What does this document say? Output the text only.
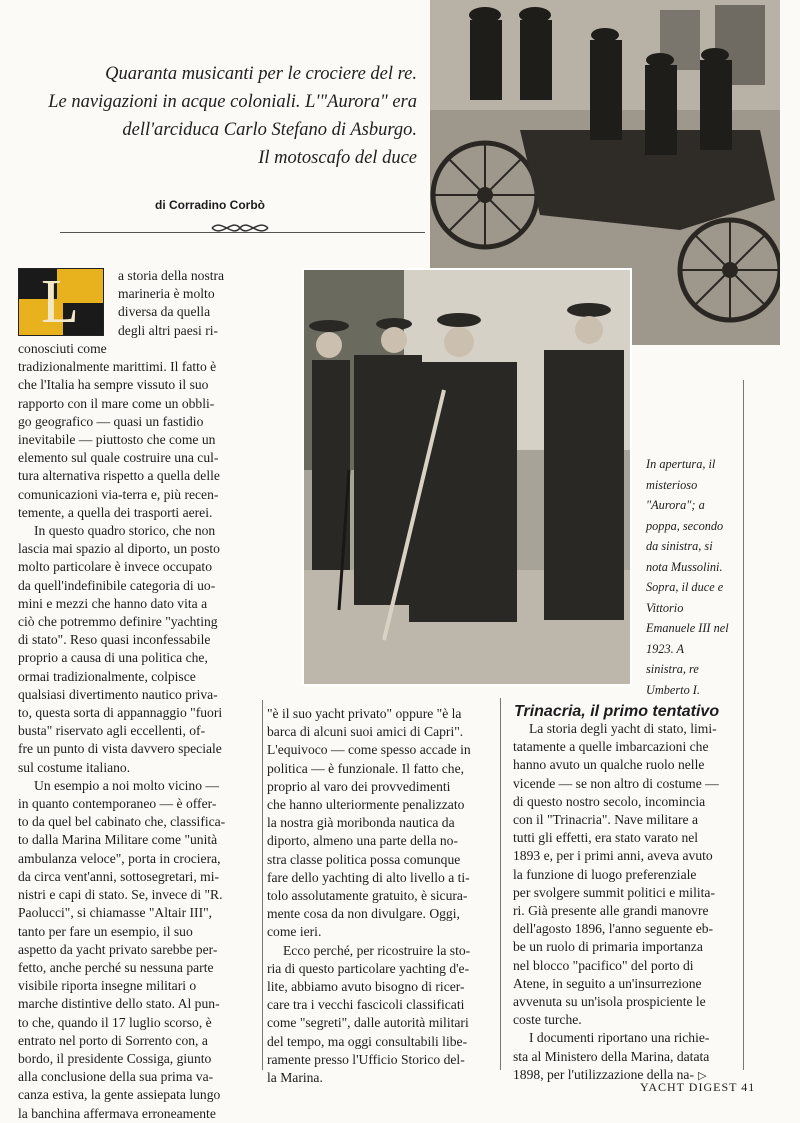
Quaranta musicanti per le crociere del re.
Le navigazioni in acque coloniali. L'"Aurora" era
dell'arciduca Carlo Stefano di Asburgo.
Il motoscafo del duce
di Corradino Corbò
L	a storia della nostra

marineria è molto

diversa da quella

degli altri paesi ri-

conosciuti come

tradizionalmente marittimi. Il fatto è

che l'Italia ha sempre vissuto il suo

rapporto con il mare come un obbli-

go geografico — quasi un fastidio

inevitabile — piuttosto che come un

elemento sul quale costruire una cul-

tura alternativa rispetto a quella delle

comunicazioni via-terra e, più recen-

temente, a quella dei trasporti aerei.

In questo quadro storico, che non

lascia mai spazio al diporto, un posto

molto particolare è invece occupato

da quell'indefinibile categoria di uo-

mini e mezzi che hanno dato vita a

ciò che potremmo definire "yachting

di stato". Reso quasi inconfessabile

proprio a causa di una politica che,

ormai tradizionalmente, colpisce

qualsiasi divertimento nautico priva-

to, questa sorta di appannaggio "fuori

busta" riservato agli eccellenti, of-

fre un punto di vista davvero speciale

sul costume italiano.

Un esempio a noi molto vicino —

in quanto contemporaneo — è offer-

to da quel bel cabinato che, classifica-

to dalla Marina Militare come "unità

ambulanza veloce", porta in crociera,

da circa vent'anni, sottosegretari, mi-

nistri e capi di stato. Se, invece di "R.

Paolucci", si chiamasse "Altair III",

tanto per fare un esempio, il suo

aspetto da yacht privato sarebbe per-

fetto, anche perché su nessuna parte

visibile riporta insegne militari o

marche distintive dello stato. Al pun-

to che, quando il 17 luglio scorso, è

entrato nel porto di Sorrento con, a

bordo, il presidente Cossiga, giunto

alla conclusione della sua prima va-

canza estiva, la gente assiepata lungo

la banchina affermava erroneamente

In apertura, il

misterioso

"Aurora"; a

poppa, secondo

da sinistra, si

nota Mussolini.

Sopra, il duce e

Vittorio

Emanuele III nel

1923. A

sinistra, re

Umberto I.

"è il suo yacht privato" oppure "è la

barca di alcuni suoi amici di Capri".

L'equivoco — come spesso accade in

politica — è funzionale. Il fatto che,

proprio al varo dei provvedimenti

che hanno ulteriormente penalizzato

la nostra già moribonda nautica da

diporto, almeno una parte della no-

stra classe politica possa comunque

fare dello yachting di alto livello a ti-

tolo assolutamente gratuito, è sicura-

mente cosa da non divulgare. Oggi,

come ieri.

Ecco perché, per ricostruire la sto-

ria di questo particolare yachting d'e-

lite, abbiamo avuto bisogno di ricer-

care tra i vecchi fascicoli classificati

come "segreti", dalle autorità militari

del tempo, ma oggi consultabili libe-

ramente presso l'Ufficio Storico del-

la Marina.

Trinacria, il primo tentativo

La storia degli yacht di stato, limi-

tatamente a quelle imbarcazioni che

hanno avuto un qualche ruolo nelle

vicende — se non altro di costume —

di questo nostro secolo, incomincia

con il "Trinacria". Nave militare a

tutti gli effetti, era stato varato nel

1893 e, per i primi anni, aveva avuto

la funzione di luogo preferenziale

per svolgere summit politici e milita-

ri. Già presente alle grandi manovre

dell'agosto 1896, l'anno seguente eb-

be un ruolo di primaria importanza

nel blocco "pacifico" del porto di

Atene, in seguito a un'insurrezione

avvenuta su un'isola prospiciente le

coste turche.

I documenti riportano una richie-

sta al Ministero della Marina, datata

1898, per l'utilizzazione della na- ▷

YACHT DIGEST 41
